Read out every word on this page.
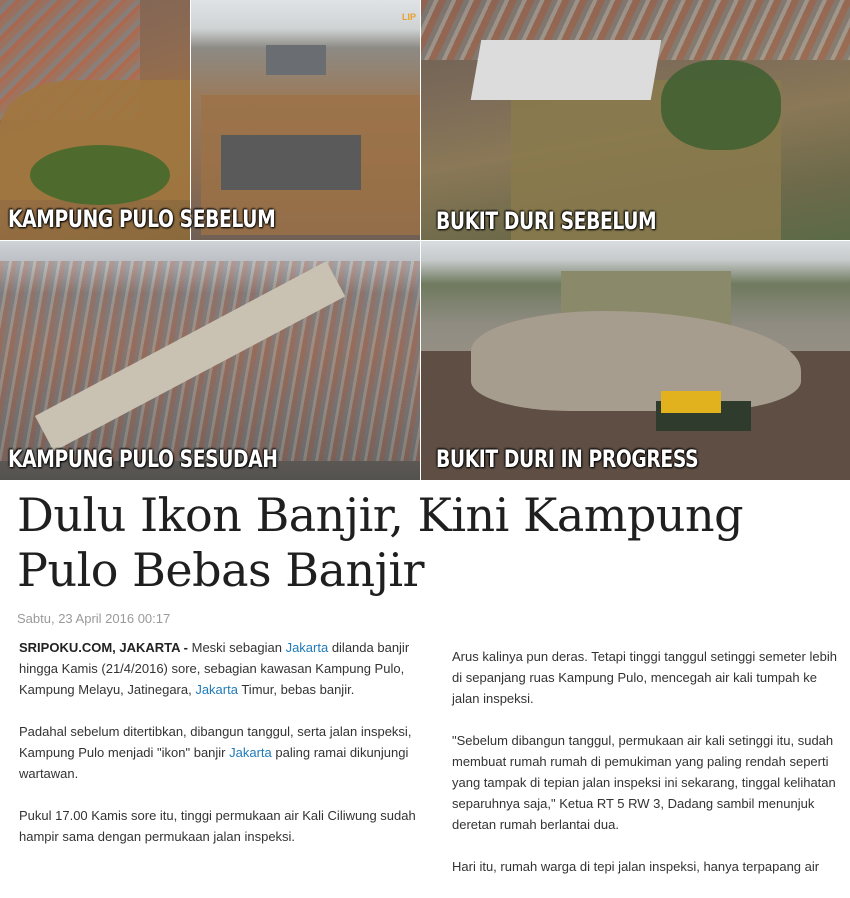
LIP
KAMPUNG PULO SEBELUM	BUKIT DURI SEBELUM
KAMPUNG PULO SESUDAH	BUKIT DURI IN PROGRESS
Dulu Ikon Banjir, Kini Kampung Pulo Bebas Banjir
Sabtu, 23 April 2016 00:17

SRIPOKU.COM, JAKARTA - Meski sebagian Jakarta dilanda banjir hingga Kamis (21/4/2016) sore, sebagian kawasan Kampung Pulo, Kampung Melayu, Jatinegara, Jakarta Timur, bebas banjir.

Padahal sebelum ditertibkan, dibangun tanggul, serta jalan inspeksi, Kampung Pulo menjadi "ikon" banjir Jakarta paling ramai dikunjungi wartawan.

Pukul 17.00 Kamis sore itu, tinggi permukaan air Kali Ciliwung sudah hampir sama dengan permukaan jalan inspeksi.

Arus kalinya pun deras. Tetapi tinggi tanggul setinggi semeter lebih di sepanjang ruas Kampung Pulo, mencegah air kali tumpah ke jalan inspeksi.

"Sebelum dibangun tanggul, permukaan air kali setinggi itu, sudah membuat rumah rumah di pemukiman yang paling rendah seperti yang tampak di tepian jalan inspeksi ini sekarang, tinggal kelihatan separuhnya saja," Ketua RT 5 RW 3, Dadang sambil menunjuk deretan rumah berlantai dua.

Hari itu, rumah warga di tepi jalan inspeksi, hanya terpapang air
